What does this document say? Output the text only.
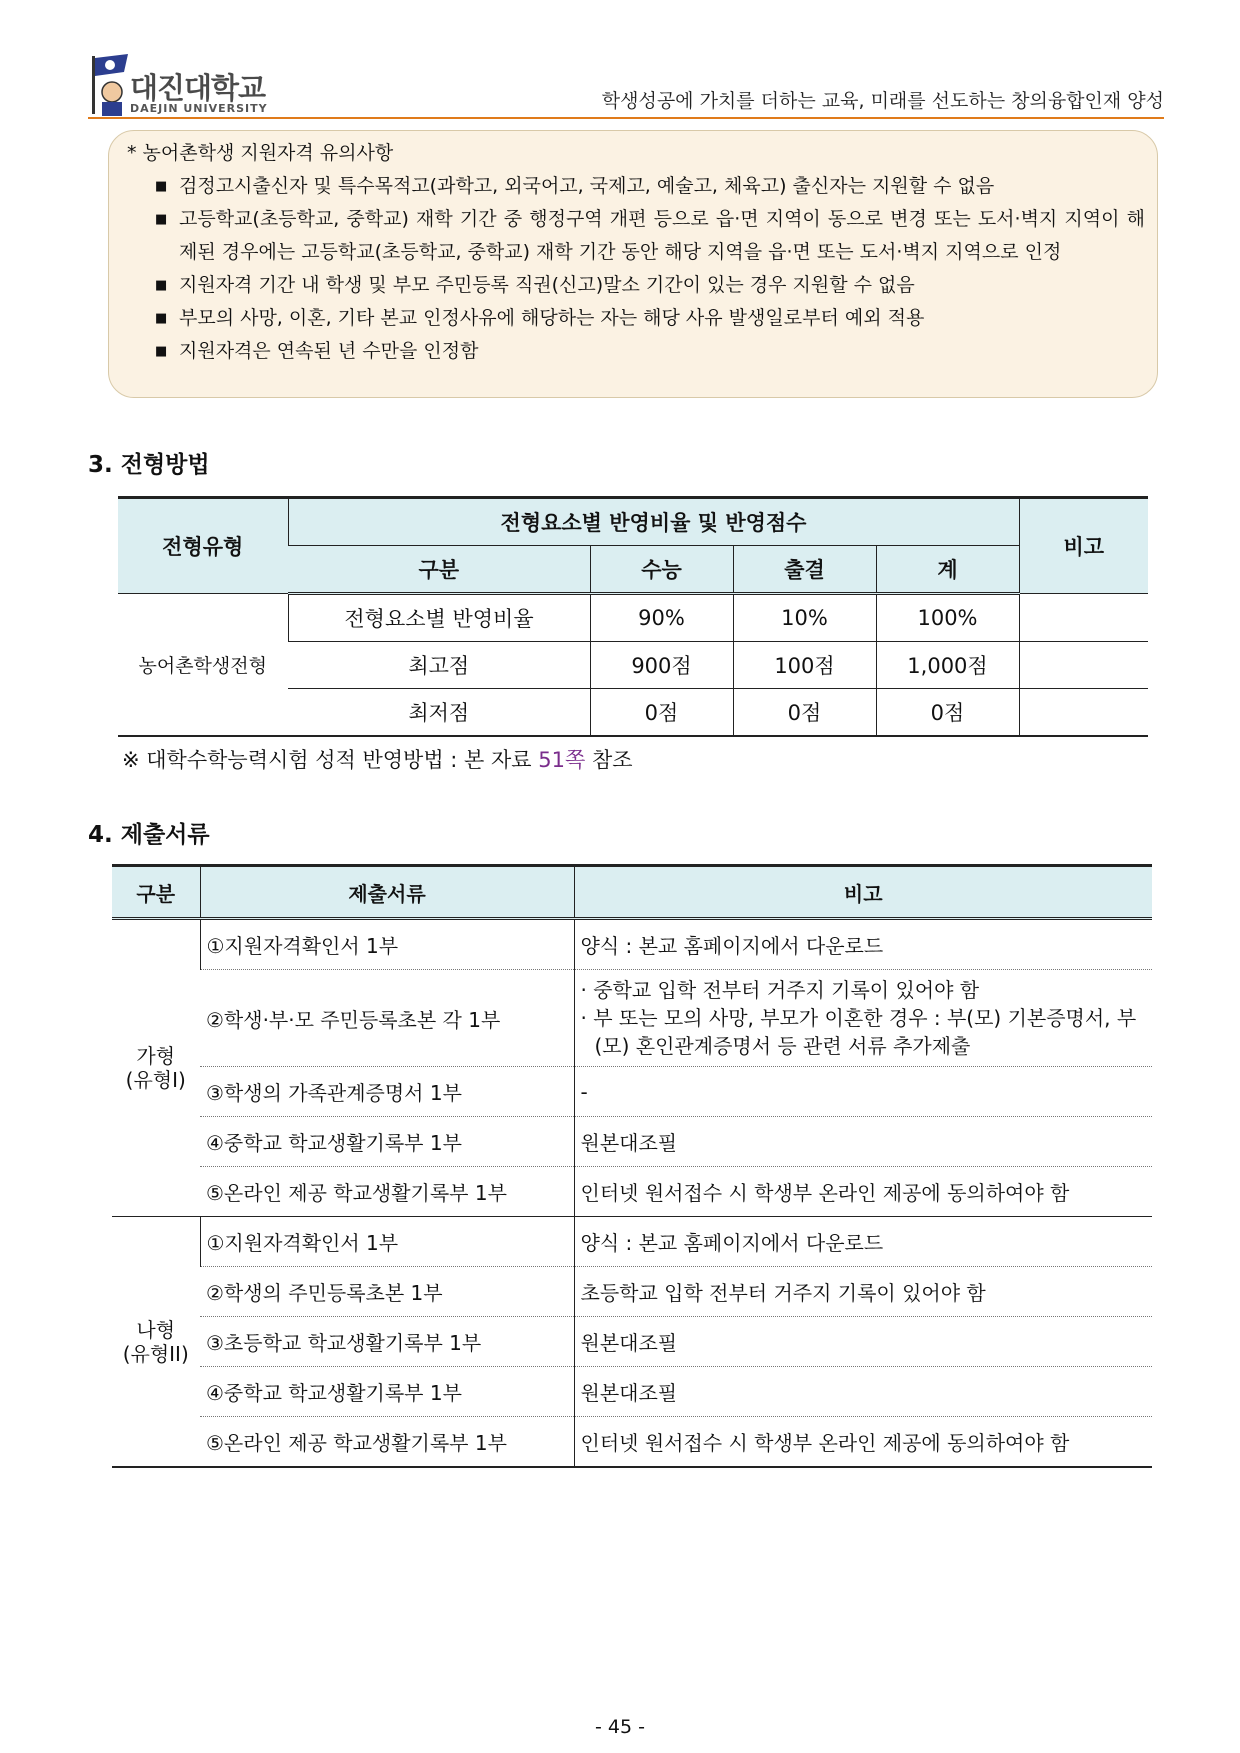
대진대학교
DAEJIN UNIVERSITY	학생성공에 가치를 더하는 교육, 미래를 선도하는 창의융합인재 양성
* 농어촌학생 지원자격 유의사항
■ 검정고시출신자 및 특수목적고(과학고, 외국어고, 국제고, 예술고, 체육고) 출신자는 지원할 수 없음
■ 고등학교(초등학교, 중학교) 재학 기간 중 행정구역 개편 등으로 읍·면 지역이 동으로 변경 또는 도서·벽지 지역이 해제된 경우에는 고등학교(초등학교, 중학교) 재학 기간 동안 해당 지역을 읍·면 또는 도서·벽지 지역으로 인정
■ 지원자격 기간 내 학생 및 부모 주민등록 직권(신고)말소 기간이 있는 경우 지원할 수 없음
■ 부모의 사망, 이혼, 기타 본교 인정사유에 해당하는 자는 해당 사유 발생일로부터 예외 적용
■ 지원자격은 연속된 년 수만을 인정함
3. 전형방법
전형유형	전형요소별 반영비율 및 반영점수				비고
	구분	수능	출결	계	
농어촌학생전형	전형요소별 반영비율	90%	10%	100%	
	최고점	900점	100점	1,000점	
	최저점	0점	0점	0점	
※ 대학수학능력시험 성적 반영방법 : 본 자료 51쪽 참조
4. 제출서류
구분	제출서류	비고
가형
(유형I)	①지원자격확인서 1부	양식 : 본교 홈페이지에서 다운로드
	②학생·부·모 주민등록초본 각 1부	· 중학교 입학 전부터 거주지 기록이 있어야 함
· 부 또는 모의 사망, 부모가 이혼한 경우 : 부(모) 기본증명서, 부(모) 혼인관계증명서 등 관련 서류 추가제출

	③학생의 가족관계증명서 1부	-
	④중학교 학교생활기록부 1부	원본대조필
	⑤온라인 제공 학교생활기록부 1부	인터넷 원서접수 시 학생부 온라인 제공에 동의하여야 함
나형
(유형II)	①지원자격확인서 1부	양식 : 본교 홈페이지에서 다운로드
	②학생의 주민등록초본 1부	초등학교 입학 전부터 거주지 기록이 있어야 함
	③초등학교 학교생활기록부 1부	원본대조필
	④중학교 학교생활기록부 1부	원본대조필
	⑤온라인 제공 학교생활기록부 1부	인터넷 원서접수 시 학생부 온라인 제공에 동의하여야 함
- 45 -
